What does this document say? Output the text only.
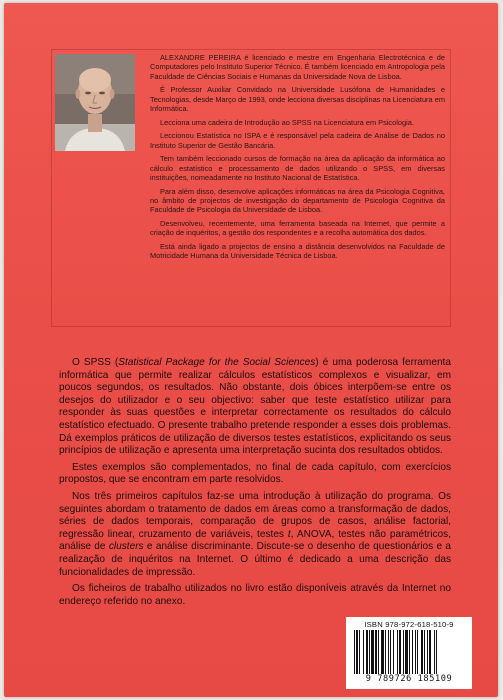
ALEXANDRE PEREIRA é licenciado e mestre em Engenharia Electrotécnica e de Computadores pelo Instituto Superior Técnico. É também licenciado em Antropologia pela Faculdade de Ciências Sociais e Humanas da Universidade Nova de Lisboa.

É Professor Auxiliar Convidado na Universidade Lusófona de Humanidades e Tecnologias, desde Março de 1993, onde lecciona diversas disciplinas na Licenciatura em Informática.

Lecciona uma cadeira de Introdução ao SPSS na Licenciatura em Psicologia.

Leccionou Estatística no ISPA e é responsável pela cadeira de Análise de Dados no Instituto Superior de Gestão Bancária.

Tem também leccionado cursos de formação na área da aplicação da informática ao cálculo estatístico e processamento de dados utilizando o SPSS, em diversas instituições, nomeadamente no Instituto Nacional de Estatística.

Para além disso, desenvolve aplicações informáticas na área da Psicologia Cognitiva, no âmbito de projectos de investigação do departamento de Psicologia Cognitiva da Faculdade de Psicologia da Universidade de Lisboa.

Desenvolveu, recentemente, uma ferramenta baseada na Internet, que permite a criação de inquéritos, a gestão dos respondentes e a recolha automática dos dados.

Está ainda ligado a projectos de ensino a distância desenvolvidos na Faculdade de Motricidade Humana da Universidade Técnica de Lisboa.

O SPSS (Statistical Package for the Social Sciences) é uma poderosa ferramenta informática que permite realizar cálculos estatísticos complexos e visualizar, em poucos segundos, os resultados. Não obstante, dois óbices interpõem-se entre os desejos do utilizador e o seu objectivo: saber que teste estatístico utilizar para responder às suas questões e interpretar correctamente os resultados do cálculo estatístico efectuado. O presente trabalho pretende responder a esses dois problemas. Dá exemplos práticos de utilização de diversos testes estatísticos, explicitando os seus princípios de utilização e apresenta uma interpretação sucinta dos resultados obtidos.

Estes exemplos são complementados, no final de cada capítulo, com exercícios propostos, que se encontram em parte resolvidos.

Nos três primeiros capítulos faz-se uma introdução à utilização do programa. Os seguintes abordam o tratamento de dados em áreas como a transformação de dados, séries de dados temporais, comparação de grupos de casos, análise factorial, regressão linear, cruzamento de variáveis, testes t, ANOVA, testes não paramétricos, análise de clusters e análise discriminante. Discute-se o desenho de questionários e a realização de inquéritos na Internet. O último é dedicado a uma descrição das funcionalidades de impressão.

Os ficheiros de trabalho utilizados no livro estão disponíveis através da Internet no endereço referido no anexo.

ISBN 978-972-618-510-9
9 789726 185109
